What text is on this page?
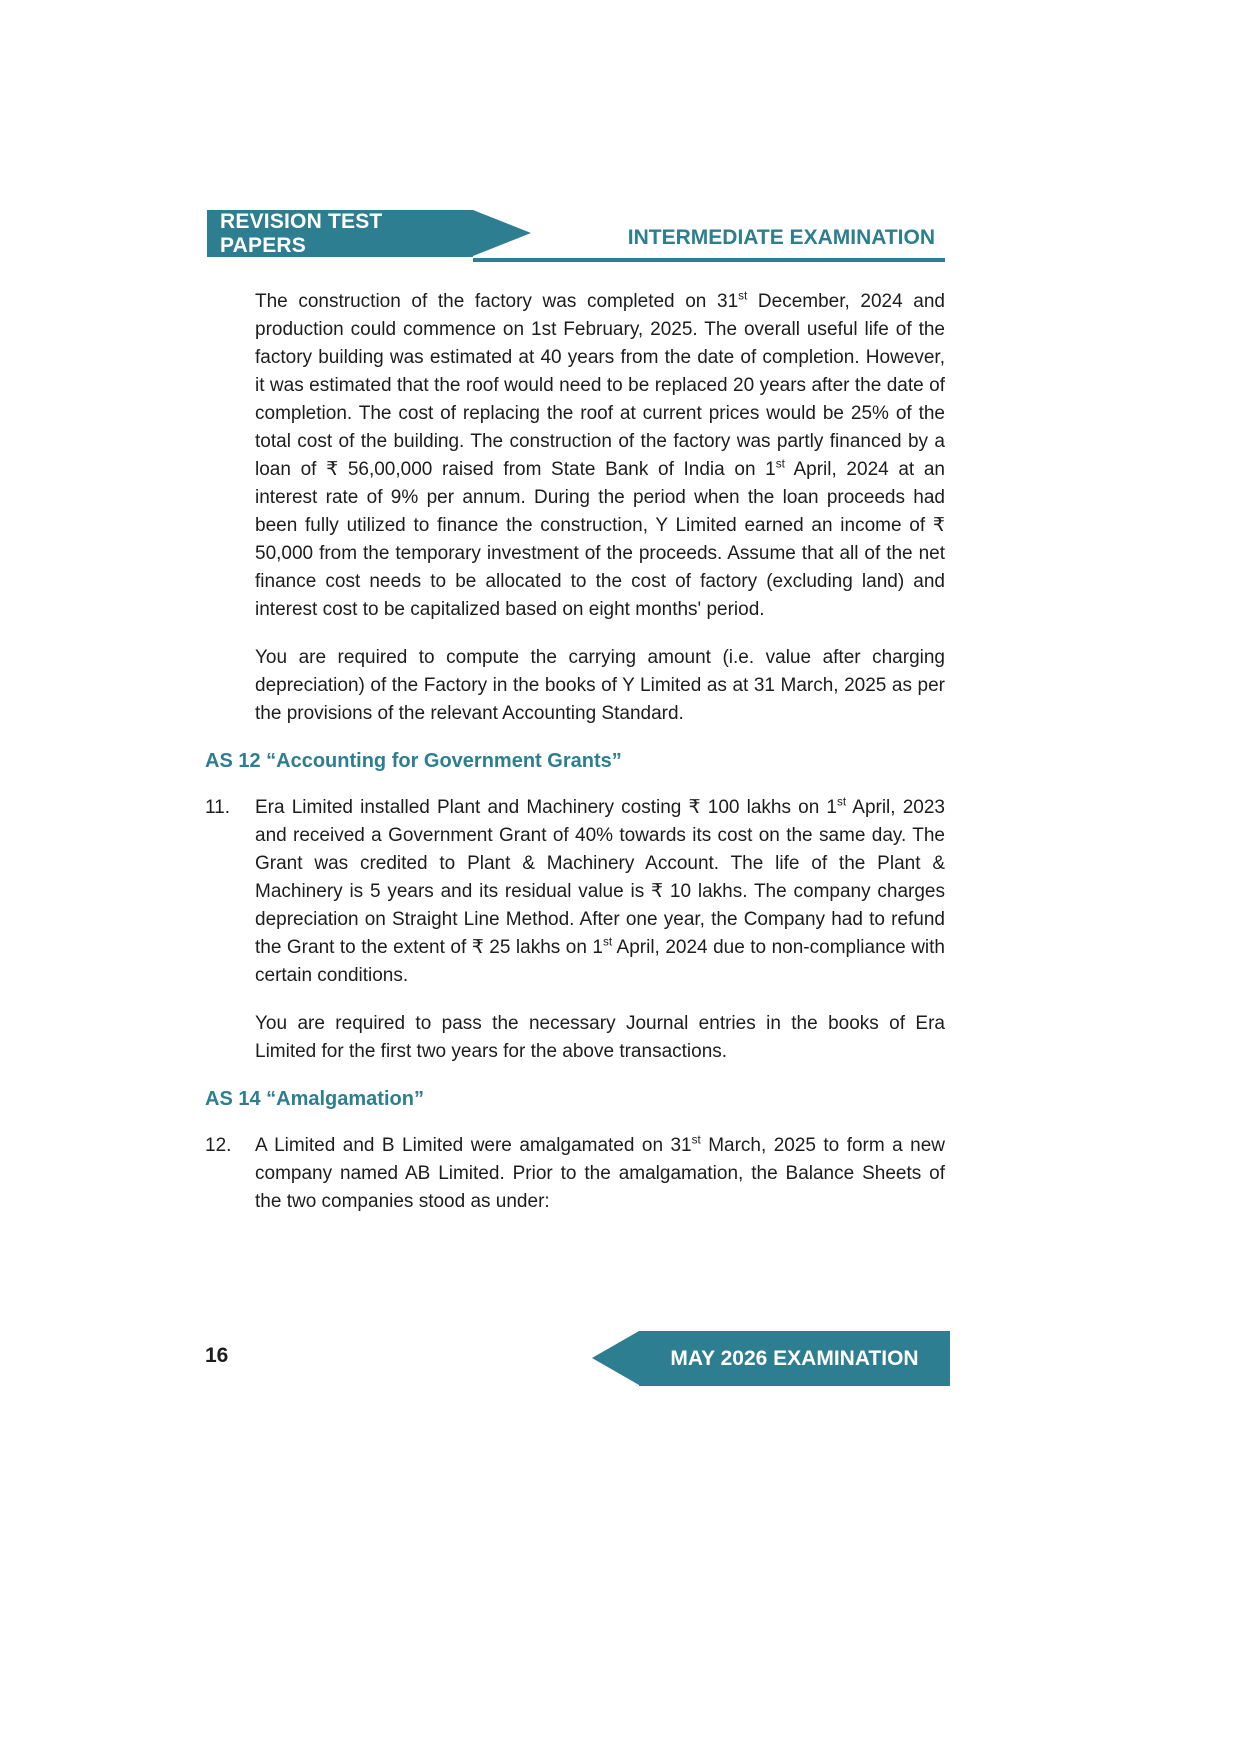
REVISION TEST PAPERS	INTERMEDIATE EXAMINATION

The construction of the factory was completed on 31st December, 2024 and production could commence on 1st February, 2025. The overall useful life of the factory building was estimated at 40 years from the date of completion. However, it was estimated that the roof would need to be replaced 20 years after the date of completion. The cost of replacing the roof at current prices would be 25% of the total cost of the building. The construction of the factory was partly financed by a loan of ₹ 56,00,000 raised from State Bank of India on 1st April, 2024 at an interest rate of 9% per annum. During the period when the loan proceeds had been fully utilized to finance the construction, Y Limited earned an income of ₹ 50,000 from the temporary investment of the proceeds. Assume that all of the net finance cost needs to be allocated to the cost of factory (excluding land) and interest cost to be capitalized based on eight months' period.

You are required to compute the carrying amount (i.e. value after charging depreciation) of the Factory in the books of Y Limited as at 31 March, 2025 as per the provisions of the relevant Accounting Standard.

AS 12 “Accounting for Government Grants”
11.	Era Limited installed Plant and Machinery costing ₹ 100 lakhs on 1st April, 2023 and received a Government Grant of 40% towards its cost on the same day. The Grant was credited to Plant & Machinery Account. The life of the Plant & Machinery is 5 years and its residual value is ₹ 10 lakhs. The company charges depreciation on Straight Line Method. After one year, the Company had to refund the Grant to the extent of ₹ 25 lakhs on 1st April, 2024 due to non-compliance with certain conditions.

You are required to pass the necessary Journal entries in the books of Era Limited for the first two years for the above transactions.

AS 14 “Amalgamation”
12.	A Limited and B Limited were amalgamated on 31st March, 2025 to form a new company named AB Limited. Prior to the amalgamation, the Balance Sheets of the two companies stood as under:

16	MAY 2026 EXAMINATION
